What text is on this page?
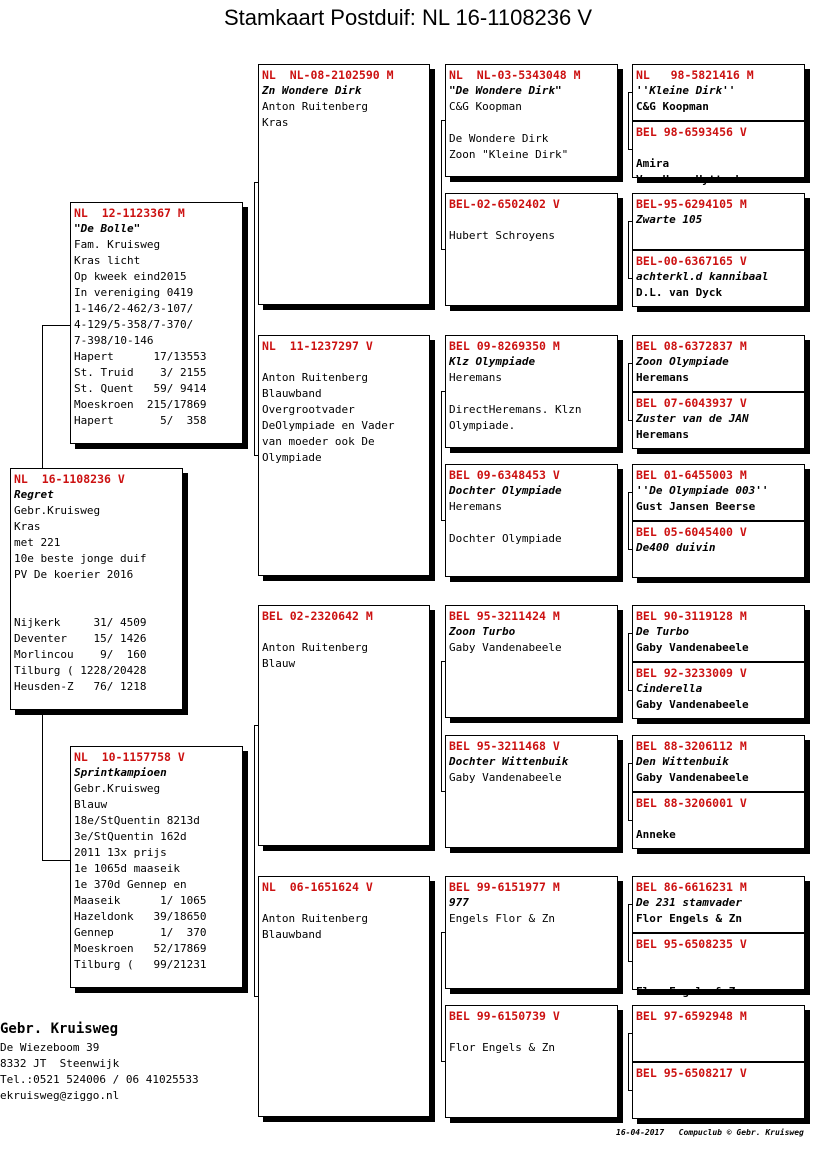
Stamkaart Postduif: NL 16-1108236 V
NL  16-1108236 V
Regret
Gebr.Kruisweg
Kras
met 221
10e beste jonge duif
PV De koerier 2016
Nijkerk     31/ 4509
Deventer    15/ 1426
Morlincou    9/  160
Tilburg ( 1228/20428
Heusden-Z   76/ 1218
NL  12-1123367 M
"De Bolle"
Fam. Kruisweg
Kras licht
Op kweek eind2015
In vereniging 0419
1-146/2-462/3-107/
4-129/5-358/7-370/
7-398/10-146
Hapert      17/13553
St. Truid    3/ 2155
St. Quent   59/ 9414
Moeskroen  215/17869
Hapert       5/  358
NL  10-1157758 V
Sprintkampioen
Gebr.Kruisweg
Blauw
18e/StQuentin 8213d
3e/StQuentin 162d
2011 13x prijs
1e 1065d maaseik
1e 370d Gennep en
Maaseik      1/ 1065
Hazeldonk   39/18650
Gennep       1/  370
Moeskroen   52/17869
Tilburg (   99/21231
NL  NL-08-2102590 M
Zn Wondere Dirk
Anton Ruitenberg
Kras
NL  11-1237297 V
Anton Ruitenberg
Blauwband
Overgrootvader
DeOlympiade en Vader
van moeder ook De
Olympiade
BEL 02-2320642 M
Anton Ruitenberg
Blauw
NL  06-1651624 V
Anton Ruitenberg
Blauwband
NL  NL-03-5343048 M
"De Wondere Dirk"
C&G Koopman
De Wondere Dirk
Zoon "Kleine Dirk"
BEL-02-6502402 V
Hubert Schroyens
BEL 09-8269350 M
Klz Olympiade
Heremans
DirectHeremans. Klzn
Olympiade.
BEL 09-6348453 V
Dochter Olympiade
Heremans
Dochter Olympiade
BEL 95-3211424 M
Zoon Turbo
Gaby Vandenabeele
BEL 95-3211468 V
Dochter Wittenbuik
Gaby Vandenabeele
BEL 99-6151977 M
977
Engels Flor & Zn
BEL 99-6150739 V
Flor Engels & Zn
NL   98-5821416 M
''Kleine Dirk''
C&G Koopman
BEL 98-6593456 V
Amira
Van Hove Uytterhoeve
BEL-95-6294105 M
Zwarte 105
BEL-00-6367165 V
achterkl.d kannibaal
D.L. van Dyck
BEL 08-6372837 M
Zoon Olympiade
Heremans
BEL 07-6043937 V
Zuster van de JAN
Heremans
BEL 01-6455003 M
''De Olympiade 003''
Gust Jansen Beerse
BEL 05-6045400 V
De400 duivin
BEL 90-3119128 M
De Turbo
Gaby Vandenabeele
BEL 92-3233009 V
Cinderella
Gaby Vandenabeele
BEL 88-3206112 M
Den Wittenbuik
Gaby Vandenabeele
BEL 88-3206001 V
Anneke
BEL 86-6616231 M
De 231 stamvader
Flor Engels & Zn
BEL 95-6508235 V
Flor Engels & Zn
BEL 97-6592948 M
BEL 95-6508217 V
Gebr. Kruisweg
De Wiezeboom 39
8332 JT  Steenwijk
Tel.:0521 524006 / 06 41025533
ekruisweg@ziggo.nl
16-04-2017 Compuclub © Gebr. Kruisweg
